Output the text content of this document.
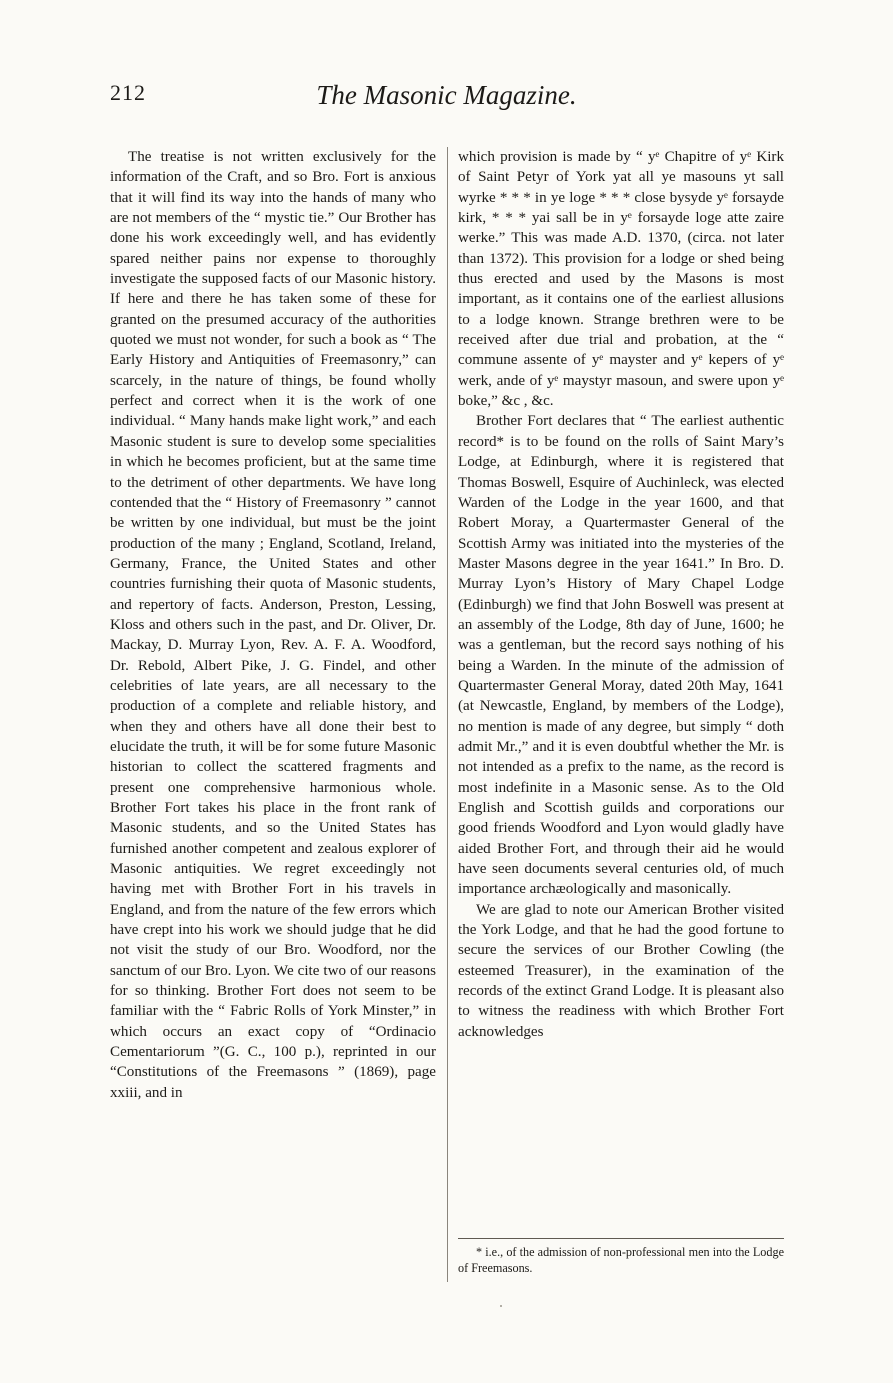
212	The Masonic Magazine.

The treatise is not written exclusively for the information of the Craft, and so Bro. Fort is anxious that it will find its way into the hands of many who are not members of the “ mystic tie.” Our Brother has done his work exceedingly well, and has evidently spared neither pains nor expense to thoroughly investigate the supposed facts of our Masonic history. If here and there he has taken some of these for granted on the presumed accuracy of the authorities quoted we must not wonder, for such a book as “ The Early History and Antiquities of Freemasonry,” can scarcely, in the nature of things, be found wholly perfect and correct when it is the work of one individual. “ Many hands make light work,” and each Masonic student is sure to develop some specialities in which he becomes proficient, but at the same time to the detriment of other departments. We have long contended that the “ History of Freemasonry ” cannot be written by one individual, but must be the joint production of the many ; England, Scotland, Ireland, Germany, France, the United States and other countries furnishing their quota of Masonic students, and repertory of facts. Anderson, Preston, Lessing, Kloss and others such in the past, and Dr. Oliver, Dr. Mackay, D. Murray Lyon, Rev. A. F. A. Woodford, Dr. Rebold, Albert Pike, J. G. Findel, and other celebrities of late years, are all necessary to the production of a complete and reliable history, and when they and others have all done their best to elucidate the truth, it will be for some future Masonic historian to collect the scattered fragments and present one comprehensive harmonious whole. Brother Fort takes his place in the front rank of Masonic students, and so the United States has furnished another competent and zealous explorer of Masonic antiquities. We regret exceedingly not having met with Brother Fort in his travels in England, and from the nature of the few errors which have crept into his work we should judge that he did not visit the study of our Bro. Woodford, nor the sanctum of our Bro. Lyon. We cite two of our reasons for so thinking. Brother Fort does not seem to be familiar with the “ Fabric Rolls of York Minster,” in which occurs an exact copy of “Ordinacio Cementariorum ”(G. C., 100 p.), reprinted in our “Constitutions of the Freemasons ” (1869), page xxiii, and in

which provision is made by “ yᵉ Chapitre of yᵉ Kirk of Saint Petyr of York yat all ye masouns yt sall wyrke * * * in ye loge * * * close bysyde yᵉ forsayde kirk, * * * yai sall be in yᵉ forsayde loge atte zaire werke.” This was made A.D. 1370, (circa. not later than 1372). This provision for a lodge or shed being thus erected and used by the Masons is most important, as it contains one of the earliest allusions to a lodge known. Strange brethren were to be received after due trial and probation, at the “ commune assente of yᵉ mayster and yᵉ kepers of yᵉ werk, ande of yᵉ maystyr masoun, and swere upon yᵉ boke,” &c , &c.

Brother Fort declares that “ The earliest authentic record* is to be found on the rolls of Saint Mary’s Lodge, at Edinburgh, where it is registered that Thomas Boswell, Esquire of Auchinleck, was elected Warden of the Lodge in the year 1600, and that Robert Moray, a Quartermaster General of the Scottish Army was initiated into the mysteries of the Master Masons degree in the year 1641.” In Bro. D. Murray Lyon’s History of Mary Chapel Lodge (Edinburgh) we find that John Boswell was present at an assembly of the Lodge, 8th day of June, 1600; he was a gentleman, but the record says nothing of his being a Warden. In the minute of the admission of Quartermaster General Moray, dated 20th May, 1641 (at Newcastle, England, by members of the Lodge), no mention is made of any degree, but simply “ doth admit Mr.,” and it is even doubtful whether the Mr. is not intended as a prefix to the name, as the record is most indefinite in a Masonic sense. As to the Old English and Scottish guilds and corporations our good friends Woodford and Lyon would gladly have aided Brother Fort, and through their aid he would have seen documents several centuries old, of much importance archæologically and masonically.

We are glad to note our American Brother visited the York Lodge, and that he had the good fortune to secure the services of our Brother Cowling (the esteemed Treasurer), in the examination of the records of the extinct Grand Lodge. It is pleasant also to witness the readiness with which Brother Fort acknowledges

* i.e., of the admission of non-professional men into the Lodge of Freemasons.
